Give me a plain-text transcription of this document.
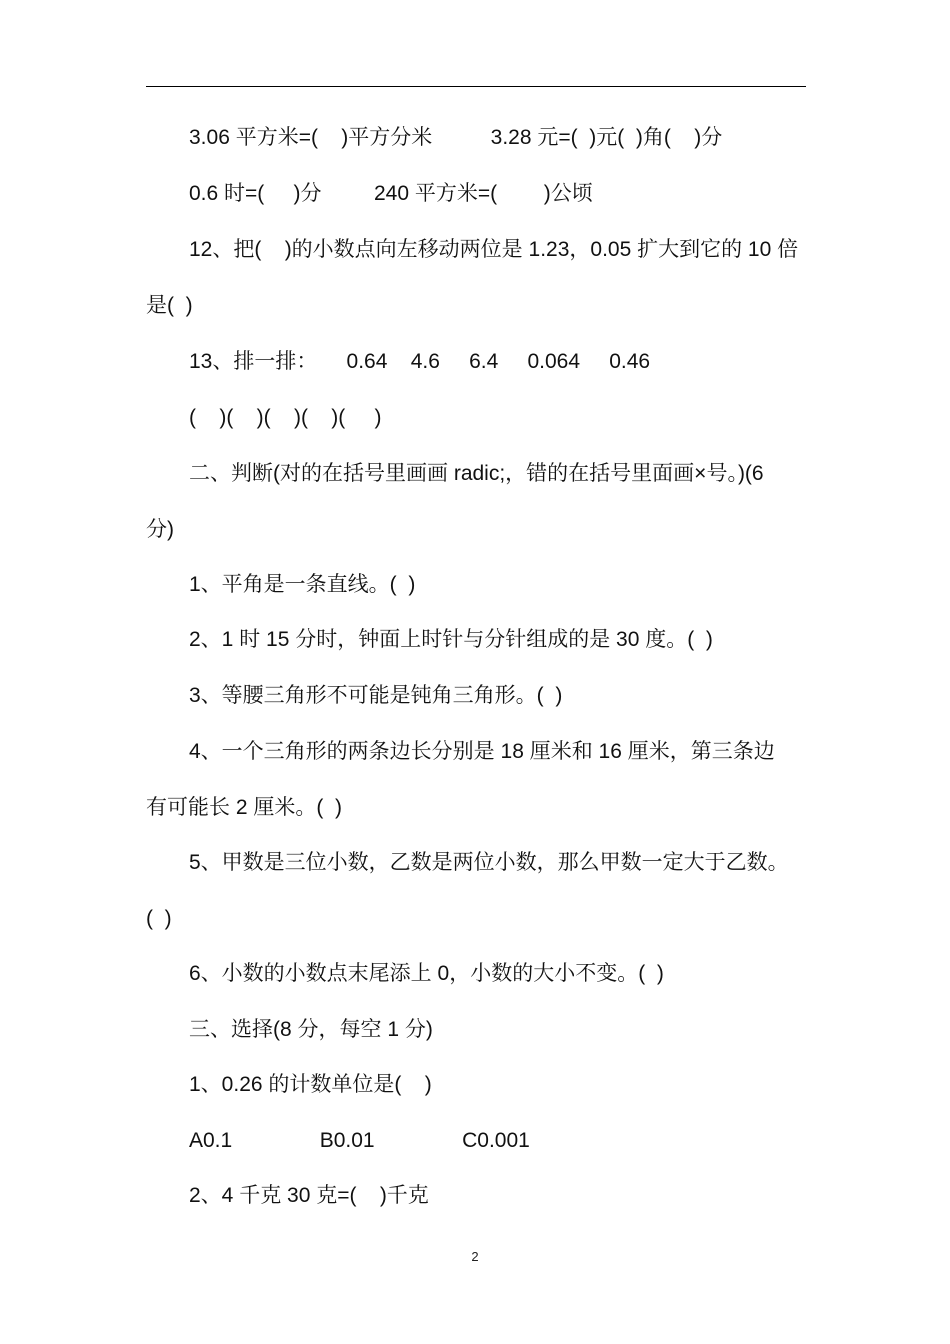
3.06 平方米=(    )平方分米          3.28 元=(  )元(  )角(    )分
0.6 时=(     )分         240 平方米=(        )公顷
12、把(    )的小数点向左移动两位是 1.23，0.05 扩大到它的 10 倍
是(  )
13、排一排：     0.64    4.6     6.4     0.064     0.46
(    )(    )(    )(    )(     )
二、判断(对的在括号里画画 radic;，错的在括号里面画×号。)(6
分)
1、平角是一条直线。(  )
2、1 时 15 分时，钟面上时针与分针组成的是 30 度。(  )
3、等腰三角形不可能是钝角三角形。(  )
4、一个三角形的两条边长分别是 18 厘米和 16 厘米，第三条边
有可能长 2 厘米。(  )
5、甲数是三位小数，乙数是两位小数，那么甲数一定大于乙数。
(  )
6、小数的小数点末尾添上 0，小数的大小不变。(  )
三、选择(8 分，每空 1 分)
1、0.26 的计数单位是(    )
A0.1               B0.01               C0.001
2、4 千克 30 克=(    )千克
2
